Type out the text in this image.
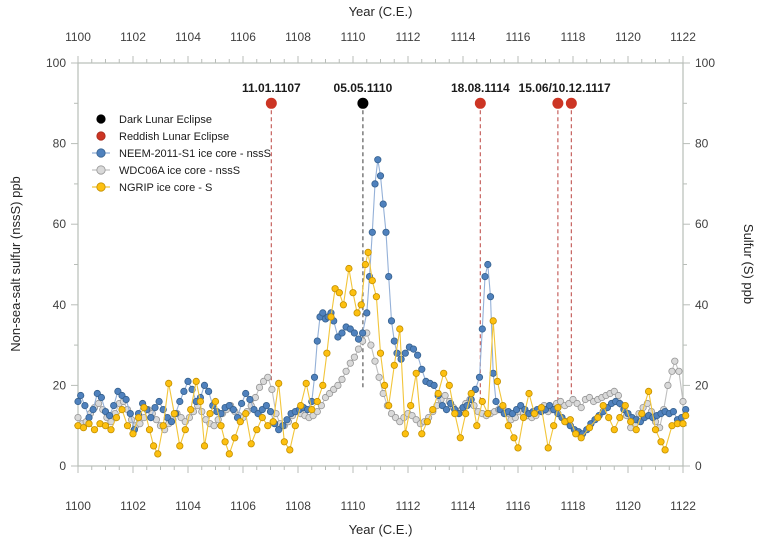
1100
1100
1102
1102
1104
1104
1106
1106
1108
1108
1110
1110
1112
1112
1114
1114
1116
1116
1118
1118
1120
1120
1122
1122
0	0
20	20
40	40
60	60
80	80
100	100
Year (C.E.)
Year (C.E.)
Non-sea-salt sulfur (nssS) ppb	Sulfur (S) ppb
11.01.1107	05.05.1110	18.08.1114 15.06/10.12.1117
Dark Lunar Eclipse
Reddish Lunar Eclipse
NEEM-2011-S1 ice core - nssS
WDC06A ice core - nssS
NGRIP ice core - S
